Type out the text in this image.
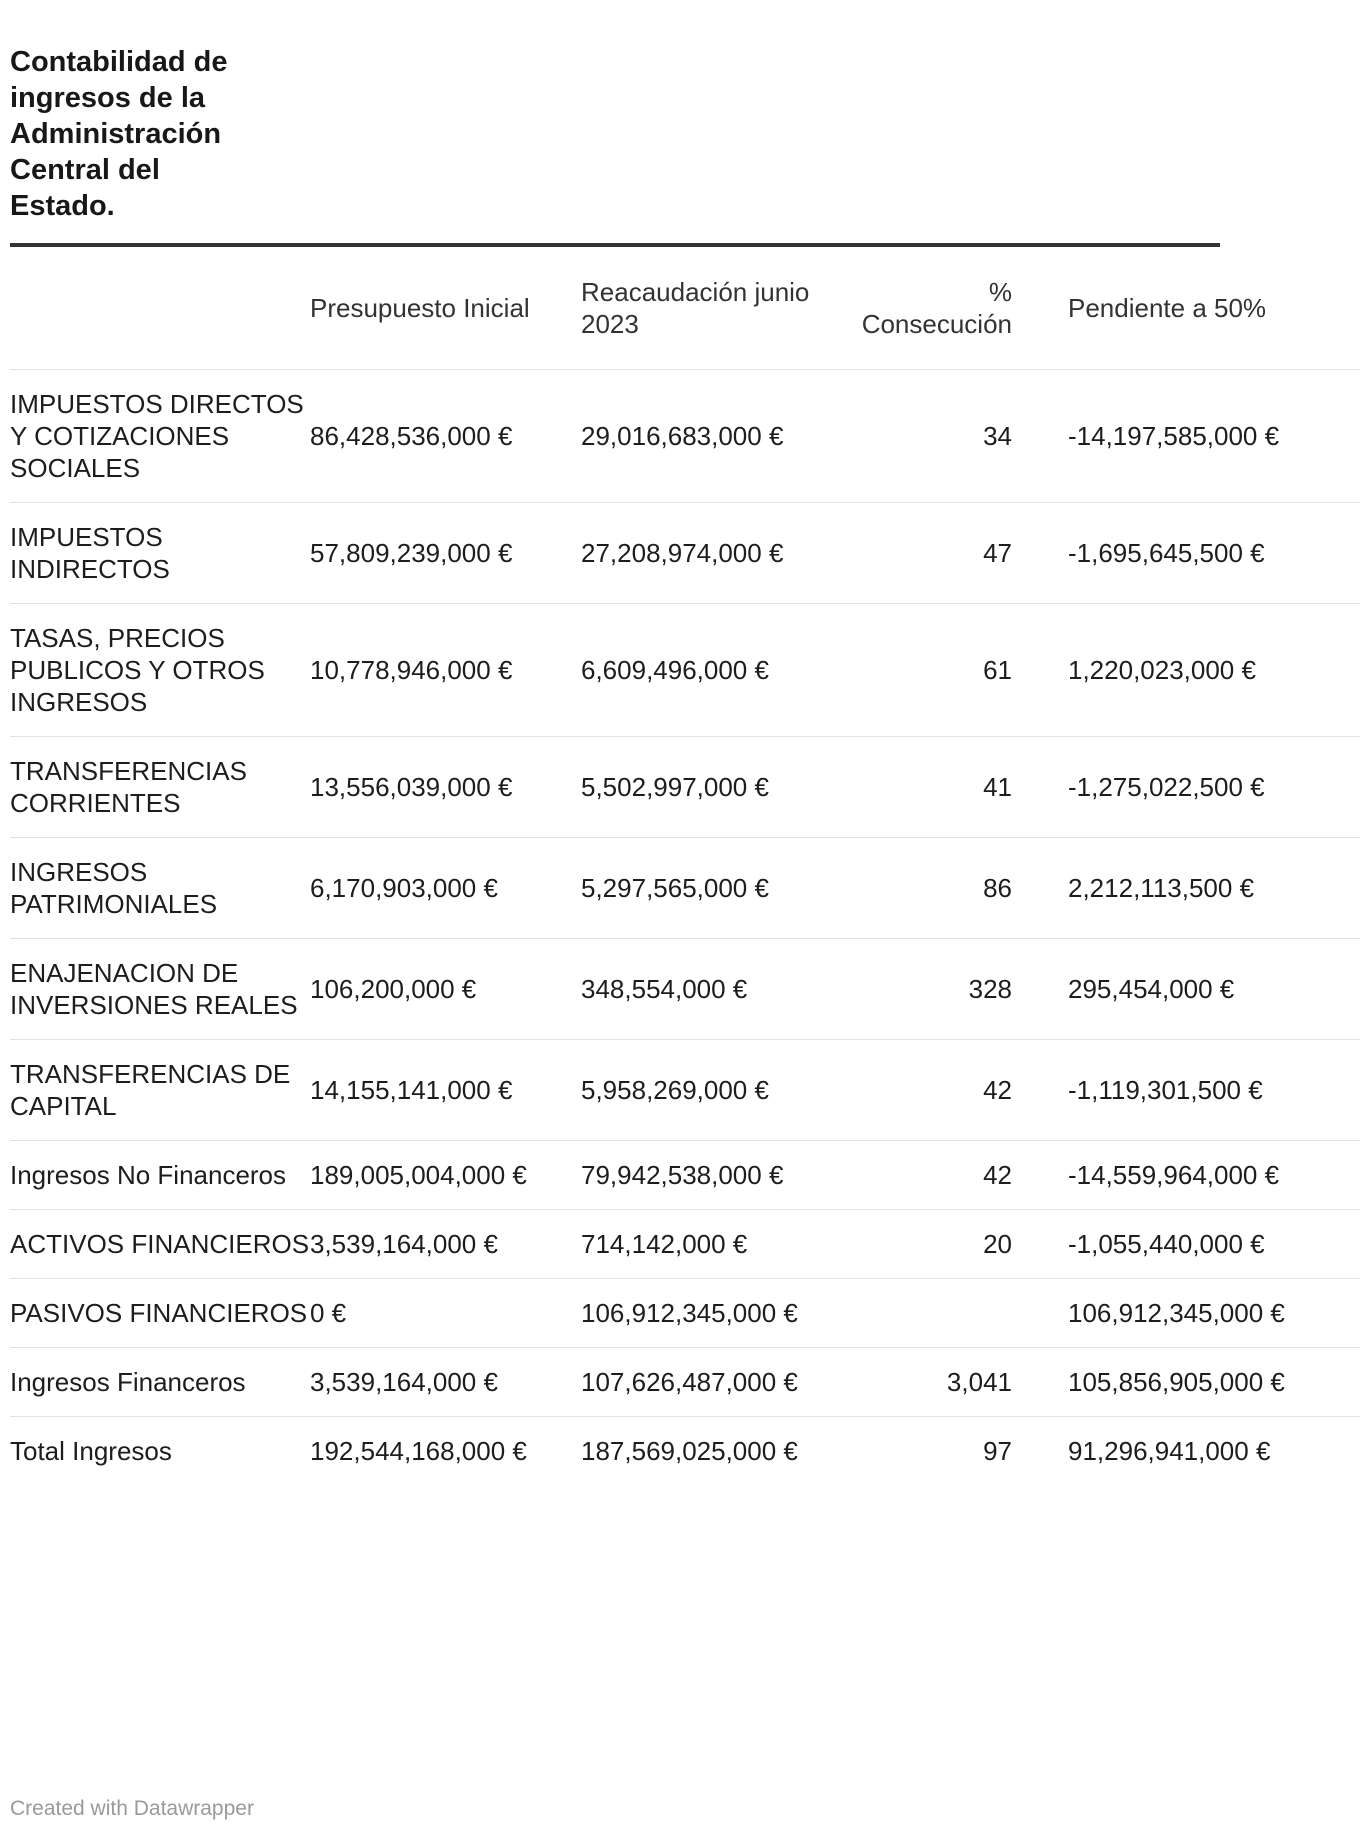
Contabilidad de ingresos de la Administración Central del Estado.
	Presupuesto Inicial	Reacaudación junio 2023	% Consecución	Pendiente a 50%
IMPUESTOS DIRECTOS Y COTIZACIONES SOCIALES	86,428,536,000 €	29,016,683,000 €	34	-14,197,585,000 €
IMPUESTOS INDIRECTOS	57,809,239,000 €	27,208,974,000 €	47	-1,695,645,500 €
TASAS, PRECIOS PUBLICOS Y OTROS INGRESOS	10,778,946,000 €	6,609,496,000 €	61	1,220,023,000 €
TRANSFERENCIAS CORRIENTES	13,556,039,000 €	5,502,997,000 €	41	-1,275,022,500 €
INGRESOS PATRIMONIALES	6,170,903,000 €	5,297,565,000 €	86	2,212,113,500 €
ENAJENACION DE INVERSIONES REALES	106,200,000 €	348,554,000 €	328	295,454,000 €
TRANSFERENCIAS DE CAPITAL	14,155,141,000 €	5,958,269,000 €	42	-1,119,301,500 €
Ingresos No Financeros	189,005,004,000 €	79,942,538,000 €	42	-14,559,964,000 €
ACTIVOS FINANCIEROS	3,539,164,000 €	714,142,000 €	20	-1,055,440,000 €
PASIVOS FINANCIEROS	0 €	106,912,345,000 €		106,912,345,000 €
Ingresos Financeros	3,539,164,000 €	107,626,487,000 €	3,041	105,856,905,000 €
Total Ingresos	192,544,168,000 €	187,569,025,000 €	97	91,296,941,000 €
Created with Datawrapper
